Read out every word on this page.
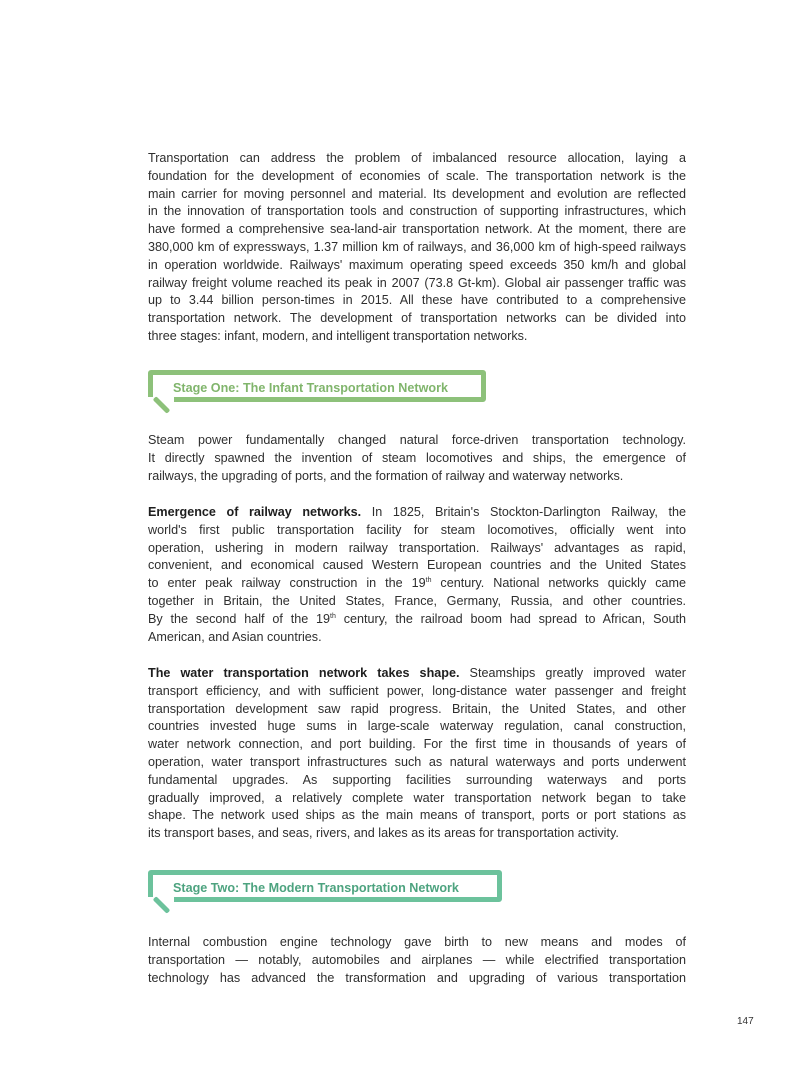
Transportation can address the problem of imbalanced resource allocation, laying a
foundation for the development of economies of scale. The transportation network is the
main carrier for moving personnel and material. Its development and evolution are reflected
in the innovation of transportation tools and construction of supporting infrastructures, which
have formed a comprehensive sea-land-air transportation network. At the moment, there are
380,000 km of expressways, 1.37 million km of railways, and 36,000 km of high-speed railways
in operation worldwide. Railways' maximum operating speed exceeds 350 km/h and global
railway freight volume reached its peak in 2007 (73.8 Gt-km). Global air passenger traffic was
up to 3.44 billion person-times in 2015. All these have contributed to a comprehensive
transportation network. The development of transportation networks can be divided into
three stages: infant, modern, and intelligent transportation networks.
Stage One: The Infant Transportation Network
Steam power fundamentally changed natural force-driven transportation technology.
It directly spawned the invention of steam locomotives and ships, the emergence of
railways, the upgrading of ports, and the formation of railway and waterway networks.
Emergence of railway networks. In 1825, Britain's Stockton-Darlington Railway, the
world's first public transportation facility for steam locomotives, officially went into
operation, ushering in modern railway transportation. Railways' advantages as rapid,
convenient, and economical caused Western European countries and the United States
to enter peak railway construction in the 19th century. National networks quickly came
together in Britain, the United States, France, Germany, Russia, and other countries.
By the second half of the 19th century, the railroad boom had spread to African, South
American, and Asian countries.
The water transportation network takes shape. Steamships greatly improved water
transport efficiency, and with sufficient power, long-distance water passenger and freight
transportation development saw rapid progress. Britain, the United States, and other
countries invested huge sums in large-scale waterway regulation, canal construction,
water network connection, and port building. For the first time in thousands of years of
operation, water transport infrastructures such as natural waterways and ports underwent
fundamental upgrades. As supporting facilities surrounding waterways and ports
gradually improved, a relatively complete water transportation network began to take
shape. The network used ships as the main means of transport, ports or port stations as
its transport bases, and seas, rivers, and lakes as its areas for transportation activity.
Stage Two: The Modern Transportation Network
Internal combustion engine technology gave birth to new means and modes of
transportation — notably, automobiles and airplanes — while electrified transportation
technology has advanced the transformation and upgrading of various transportation
147
